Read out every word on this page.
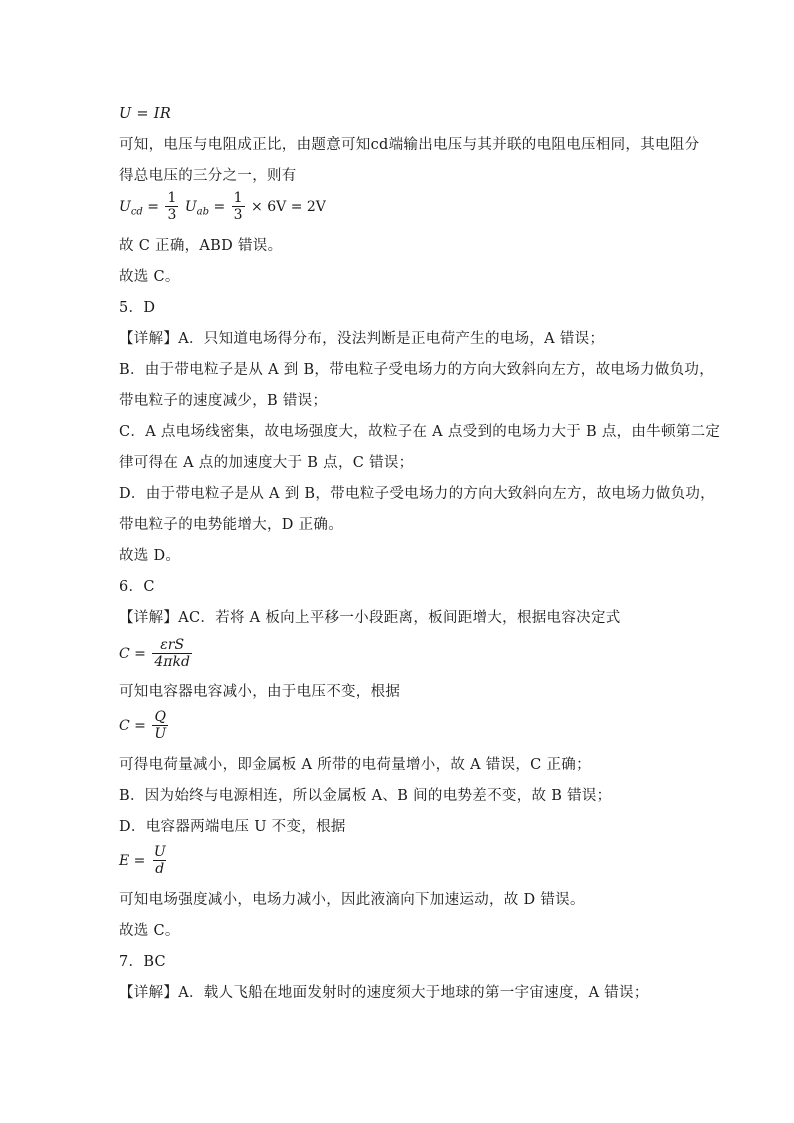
U = IR
可知，电压与电阻成正比，由题意可知cd端输出电压与其并联的电阻电压相同，其电阻分
得总电压的三分之一，则有
$U_{cd} = \frac{1}{3} U_{ab} = \frac{1}{3} \times 6V = 2V$
故 C 正确，ABD 错误。
故选 C。
5．D
【详解】A．只知道电场得分布，没法判断是正电荷产生的电场，A 错误；
B．由于带电粒子是从 A 到 B，带电粒子受电场力的方向大致斜向左方，故电场力做负功，
带电粒子的速度减少，B 错误；
C．A 点电场线密集，故电场强度大，故粒子在 A 点受到的电场力大于 B 点，由牛顿第二定
律可得在 A 点的加速度大于 B 点，C 错误；
D．由于带电粒子是从 A 到 B，带电粒子受电场力的方向大致斜向左方，故电场力做负功，
带电粒子的电势能增大，D 正确。
故选 D。
6．C
【详解】AC．若将 A 板向上平移一小段距离，板间距增大，根据电容决定式
$C = \frac{\text{εrS}}{\text{4πkd}}$
可知电容器电容减小，由于电压不变，根据
$C = \frac{Q}{U}$
可得电荷量减小，即金属板 A 所带的电荷量增小，故 A 错误，C 正确；
B．因为始终与电源相连，所以金属板 A、B 间的电势差不变，故 B 错误；
D．电容器两端电压 U 不变，根据
$E = \frac{U}{d}$
可知电场强度减小，电场力减小，因此液滴向下加速运动，故 D 错误。
故选 C。
7．BC
【详解】A．载人飞船在地面发射时的速度须大于地球的第一宇宙速度，A 错误；
